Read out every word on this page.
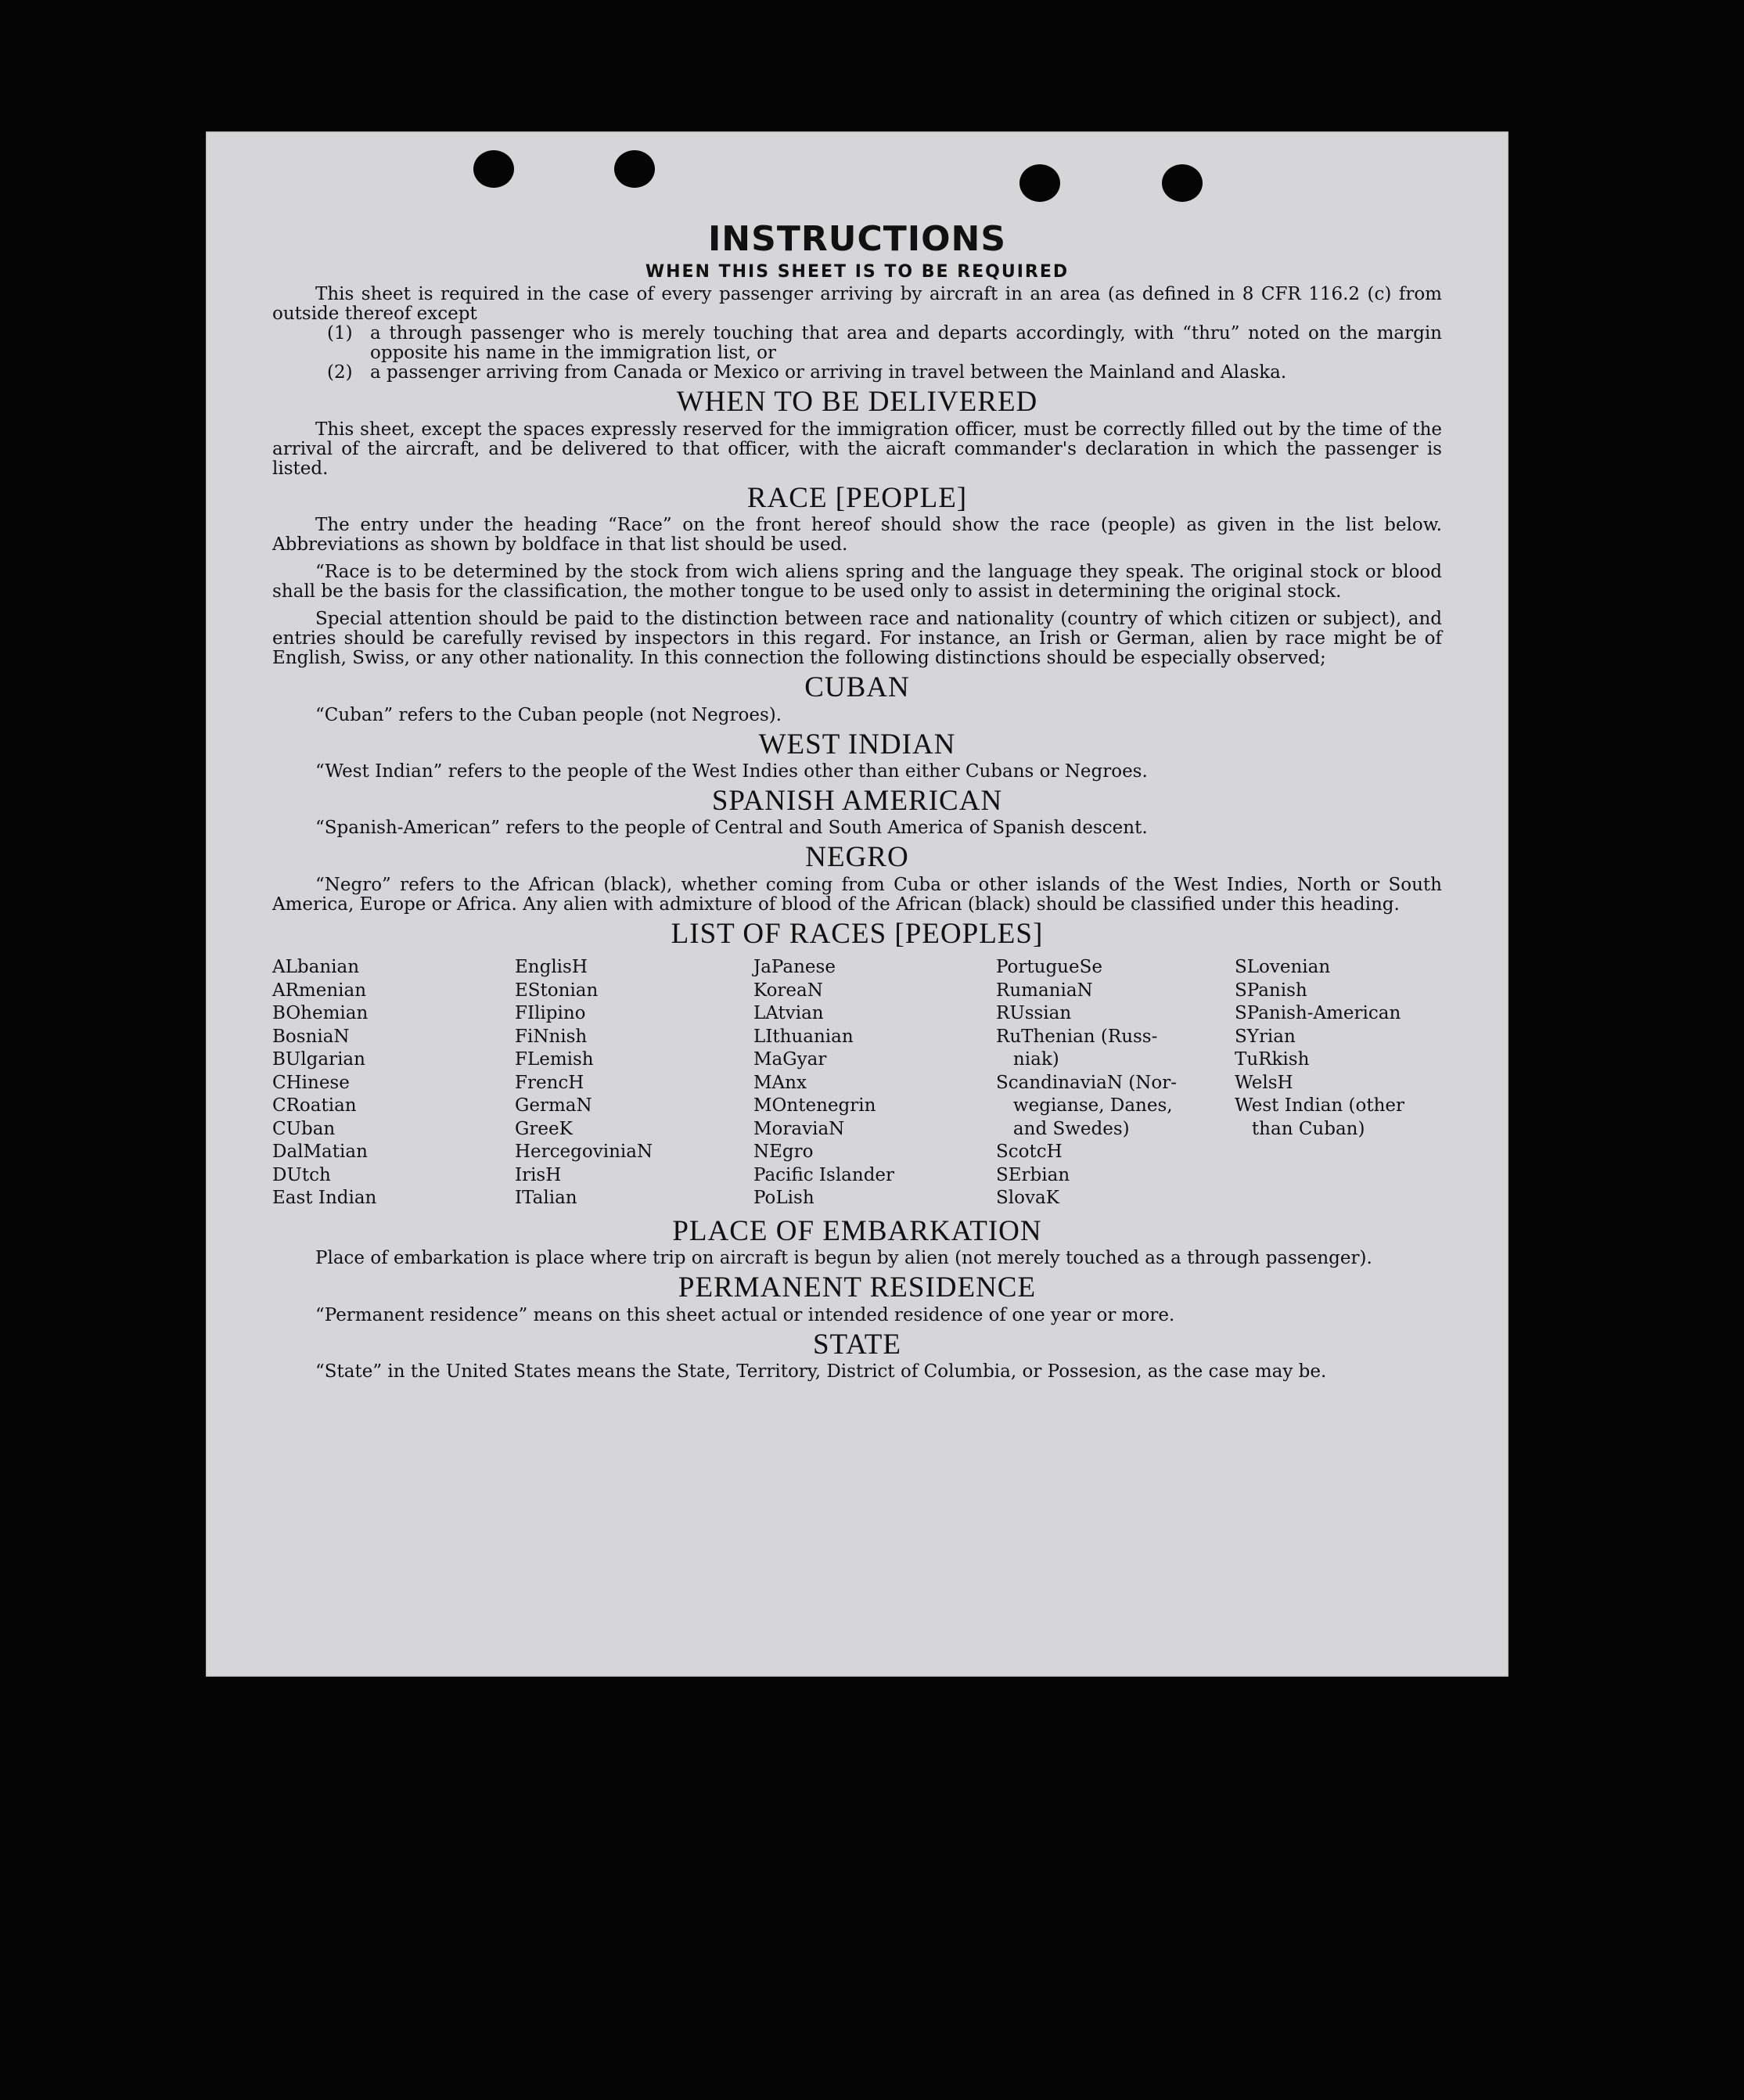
INSTRUCTIONS
WHEN THIS SHEET IS TO BE REQUIRED

This sheet is required in the case of every passenger arriving by aircraft in an area (as defined in 8 CFR 116.2 (c) from outside thereof except

(1) a through passenger who is merely touching that area and departs accordingly, with “thru” noted on the margin opposite his name in the immigration list, or
(2) a passenger arriving from Canada or Mexico or arriving in travel between the Mainland and Alaska.
WHEN TO BE DELIVERED

This sheet, except the spaces expressly reserved for the immigration officer, must be correctly filled out by the time of the arrival of the aircraft, and be delivered to that officer, with the aicraft commander's declaration in which the passenger is listed.

RACE [PEOPLE]

The entry under the heading “Race” on the front hereof should show the race (people) as given in the list below. Abbreviations as shown by boldface in that list should be used.

“Race is to be determined by the stock from wich aliens spring and the language they speak. The original stock or blood shall be the basis for the classification, the mother tongue to be used only to assist in determining the original stock.

Special attention should be paid to the distinction between race and nationality (country of which citizen or subject), and entries should be carefully revised by inspectors in this regard. For instance, an Irish or German, alien by race might be of English, Swiss, or any other nationality. In this connection the following distinctions should be especially observed;

CUBAN

“Cuban” refers to the Cuban people (not Negroes).

WEST INDIAN

“West Indian” refers to the people of the West Indies other than either Cubans or Negroes.

SPANISH AMERICAN

“Spanish-American” refers to the people of Central and South America of Spanish descent.

NEGRO

“Negro” refers to the African (black), whether coming from Cuba or other islands of the West Indies, North or South America, Europe or Africa. Any alien with admixture of blood of the African (black) should be classified under this heading.

LIST OF RACES [PEOPLES]
ALbanian
ARmenian
BOhemian
BosniaN
BUlgarian
CHinese
CRoatian
CUban
DalMatian
DUtch
East Indian
EnglisH
EStonian
FIlipino
FiNnish
FLemish
FrencH
GermaN
GreeK
HercegoviniaN
IrisH
ITalian
JaPanese
KoreaN
LAtvian
LIthuanian
MaGyar
MAnx
MOntenegrin
MoraviaN
NEgro
Pacific Islander
PoLish
PortugueSe
RumaniaN
RUssian
RuThenian (Russ-
niak)
ScandinaviaN (Nor-
wegianse, Danes,
and Swedes)
ScotcH
SErbian
SlovaK
SLovenian
SPanish
SPanish-American
SYrian
TuRkish
WelsH
West Indian (other
than Cuban)
PLACE OF EMBARKATION

Place of embarkation is place where trip on aircraft is begun by alien (not merely touched as a through passenger).

PERMANENT RESIDENCE

“Permanent residence” means on this sheet actual or intended residence of one year or more.

STATE

“State” in the United States means the State, Territory, District of Columbia, or Possesion, as the case may be.
